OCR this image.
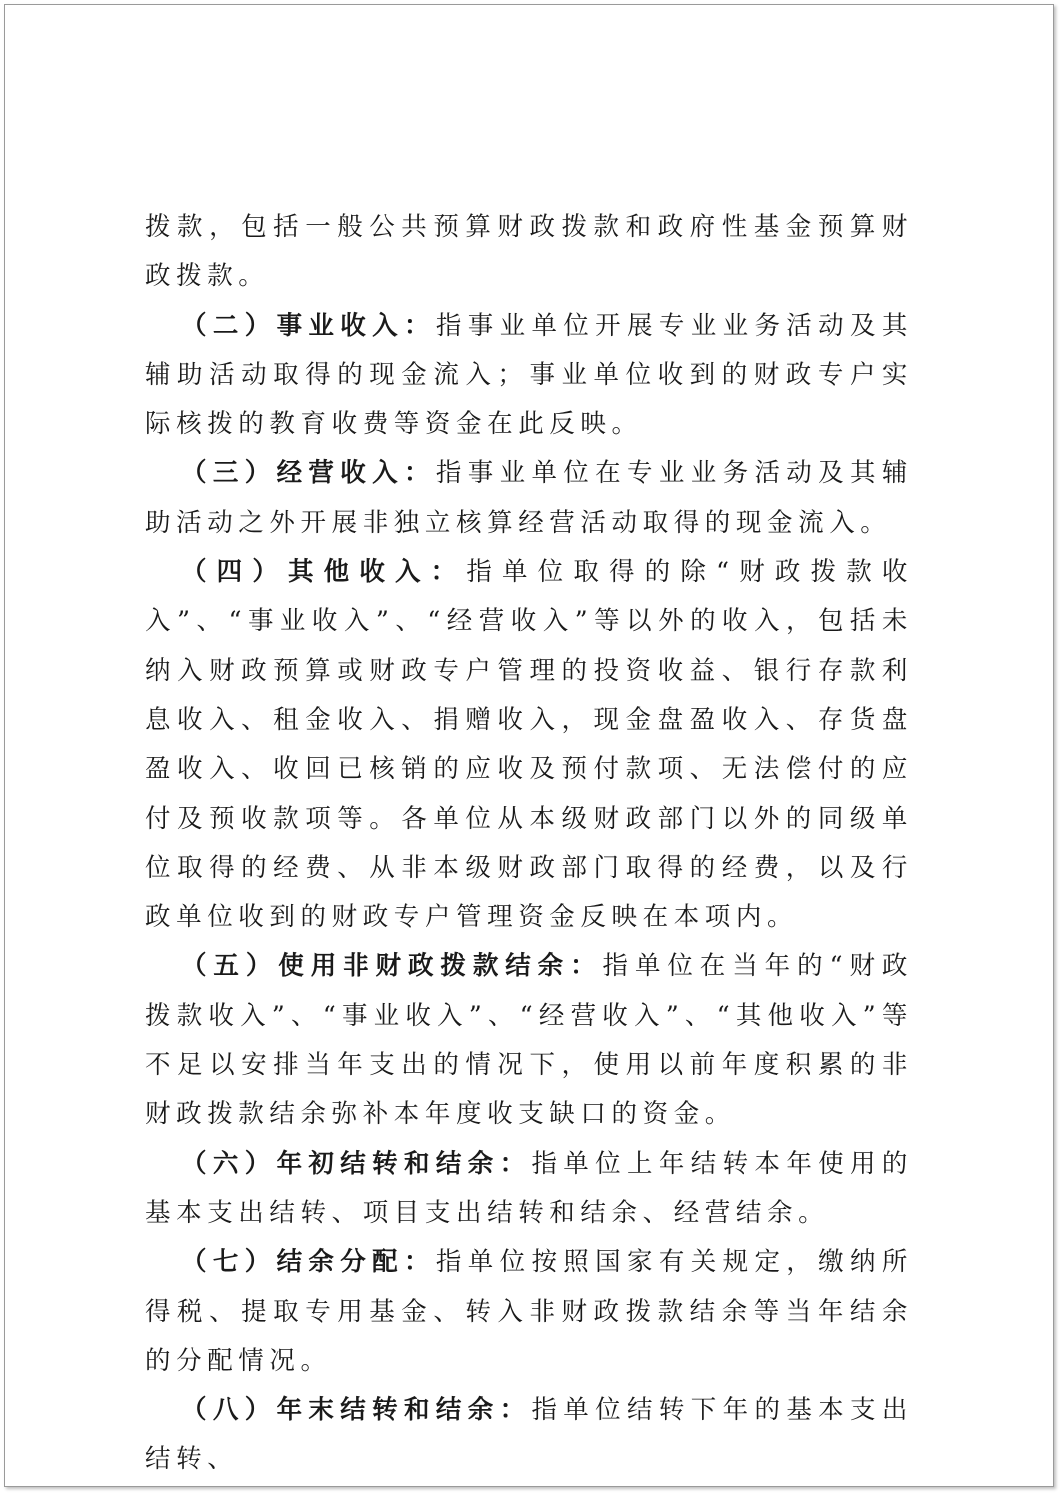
拨款，包括一般公共预算财政拨款和政府性基金预算财政拨款。

（二）事业收入：指事业单位开展专业业务活动及其辅助活动取得的现金流入；事业单位收到的财政专户实际核拨的教育收费等资金在此反映。

（三）经营收入：指事业单位在专业业务活动及其辅助活动之外开展非独立核算经营活动取得的现金流入。

（四）其他收入：指单位取得的除“财政拨款收入”、“事业收入”、“经营收入”等以外的收入，包括未纳入财政预算或财政专户管理的投资收益、银行存款利息收入、租金收入、捐赠收入，现金盘盈收入、存货盘盈收入、收回已核销的应收及预付款项、无法偿付的应付及预收款项等。各单位从本级财政部门以外的同级单位取得的经费、从非本级财政部门取得的经费，以及行政单位收到的财政专户管理资金反映在本项内。

（五）使用非财政拨款结余：指单位在当年的“财政拨款收入”、“事业收入”、“经营收入”、“其他收入”等不足以安排当年支出的情况下，使用以前年度积累的非财政拨款结余弥补本年度收支缺口的资金。

（六）年初结转和结余：指单位上年结转本年使用的基本支出结转、项目支出结转和结余、经营结余。

（七）结余分配：指单位按照国家有关规定，缴纳所得税、提取专用基金、转入非财政拨款结余等当年结余的分配情况。

（八）年末结转和结余：指单位结转下年的基本支出结转、
